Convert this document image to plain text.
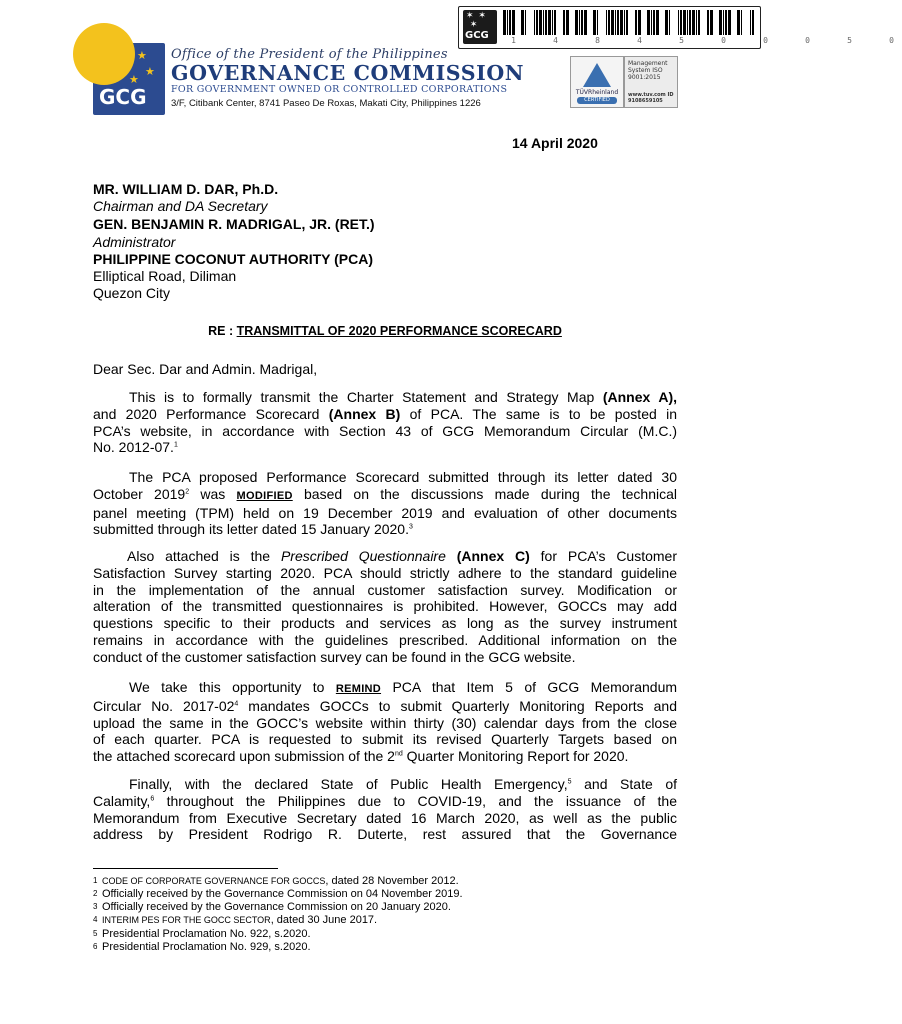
✶ ✶
✶
GCG	1	4	8	4	5	0	0	0	5	0
★
★
★
GCG
Office of the President of the Philippines
GOVERNANCE COMMISSION
FOR GOVERNMENT OWNED OR CONTROLLED CORPORATIONS
3/F, Citibank Center, 8741 Paseo De Roxas, Makati City, Philippines 1226
TÜVRheinland
CERTIFIED
Management System ISO 9001:2015
www.tuv.com ID 9108659105
14 April 2020
MR. WILLIAM D. DAR, Ph.D.
Chairman and DA Secretary
GEN. BENJAMIN R. MADRIGAL, JR. (RET.)
Administrator
PHILIPPINE COCONUT AUTHORITY (PCA)
Elliptical Road, Diliman
Quezon City
RE : TRANSMITTAL OF 2020 PERFORMANCE SCORECARD
Dear Sec. Dar and Admin. Madrigal,
This is to formally transmit the Charter Statement and Strategy Map (Annex A),
and 2020 Performance Scorecard (Annex B) of PCA. The same is to be posted in
PCA’s website, in accordance with Section 43 of GCG Memorandum Circular (M.C.)
No. 2012-07.$^1$
The PCA proposed Performance Scorecard submitted through its letter dated 30
October 2019$^2$ was MODIFIED based on the discussions made during the technical
panel meeting (TPM) held on 19 December 2019 and evaluation of other documents
submitted through its letter dated 15 January 2020.$^3$
Also attached is the Prescribed Questionnaire (Annex C) for PCA’s Customer
Satisfaction Survey starting 2020. PCA should strictly adhere to the standard guideline
in the implementation of the annual customer satisfaction survey. Modification or
alteration of the transmitted questionnaires is prohibited. However, GOCCs may add
questions specific to their products and services as long as the survey instrument
remains in accordance with the guidelines prescribed. Additional information on the
conduct of the customer satisfaction survey can be found in the GCG website.
We take this opportunity to REMIND PCA that Item 5 of GCG Memorandum
Circular No. $2017-02^4$ mandates GOCCs to submit Quarterly Monitoring Reports and
upload the same in the GOCC’s website within thirty (30) calendar days from the close
of each quarter. PCA is requested to submit its revised Quarterly Targets based on
the attached scorecard upon submission of the 2nd Quarter Monitoring Report for 2020.
Finally, with the declared State of Public Health Emergency,$^5$ and State of
Calamity,$^6$ throughout the Philippines due to COVID-19, and the issuance of the
Memorandum from Executive Secretary dated 16 March 2020, as well as the public
address by President Rodrigo R. Duterte, rest assured that the Governance
1 CODE OF CORPORATE GOVERNANCE FOR GOCCS, dated 28 November 2012.
2 Officially received by the Governance Commission on 04 November 2019.
3 Officially received by the Governance Commission on 20 January 2020.
4 INTERIM PES FOR THE GOCC SECTOR, dated 30 June 2017.
5 Presidential Proclamation No. 922, s.2020.
6 Presidential Proclamation No. 929, s.2020.
